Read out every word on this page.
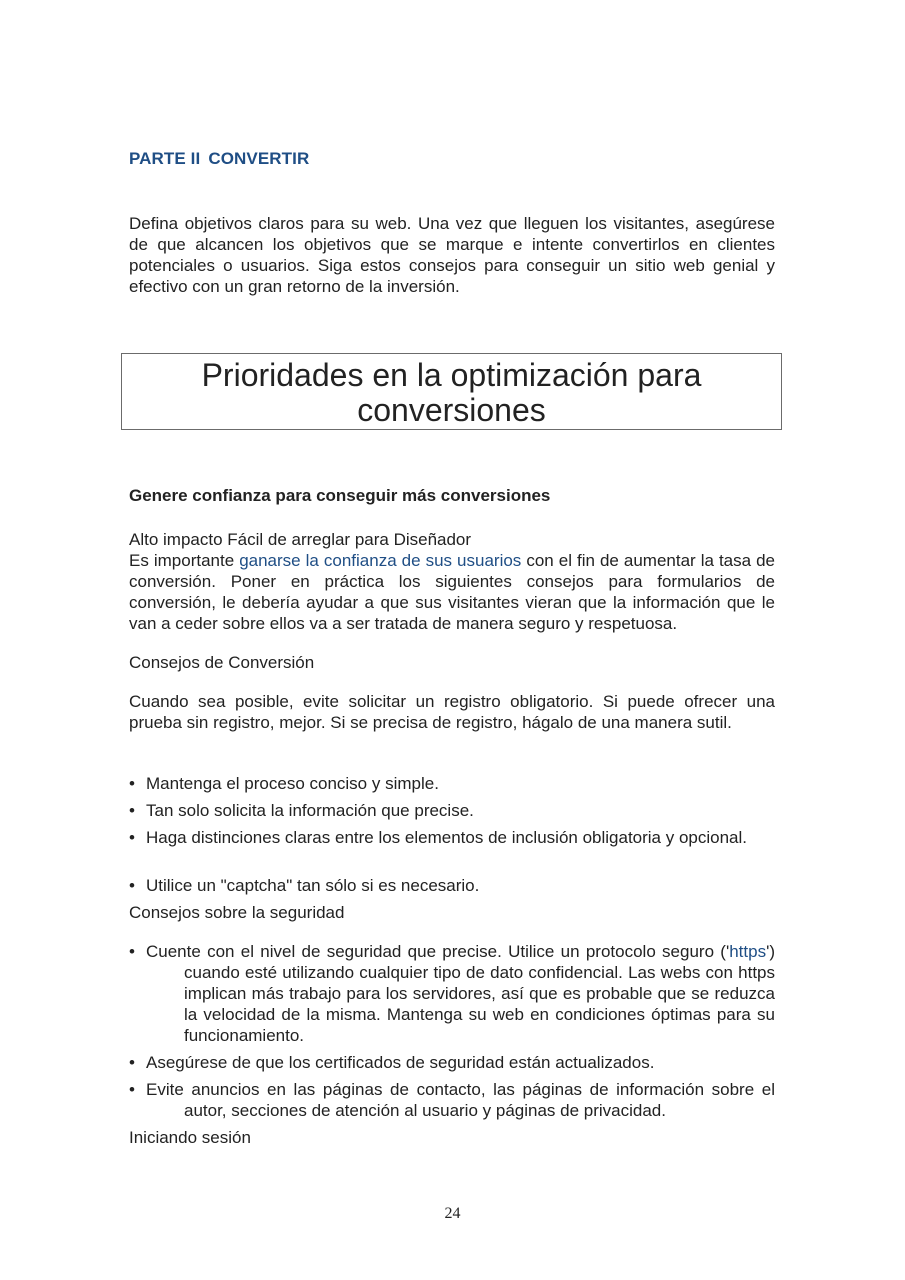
PARTE II CONVERTIR

Defina objetivos claros para su web. Una vez que lleguen los visitantes, asegúrese de que alcancen los objetivos que se marque e intente convertirlos en clientes potenciales o usuarios. Siga estos consejos para conseguir un sitio web genial y efectivo con un gran retorno de la inversión.

Prioridades en la optimización para conversiones
Genere confianza para conseguir más conversiones

Alto impacto Fácil de arreglar para Diseñador

Es importante ganarse la confianza de sus usuarios con el fin de aumentar la tasa de conversión. Poner en práctica los siguientes consejos para formularios de conversión, le debería ayudar a que sus visitantes vieran que la información que le van a ceder sobre ellos va a ser tratada de manera seguro y respetuosa.

Consejos de Conversión

Cuando sea posible, evite solicitar un registro obligatorio. Si puede ofrecer una prueba sin registro, mejor. Si se precisa de registro, hágalo de una manera sutil.

• Mantenga el proceso conciso y simple.
• Tan solo solicita la información que precise.
• Haga distinciones claras entre los elementos de inclusión obligatoria y opcional.
• Utilice un "captcha" tan sólo si es necesario.

Consejos sobre la seguridad

• Cuente con el nivel de seguridad que precise. Utilice un protocolo seguro ('https') cuando esté utilizando cualquier tipo de dato confidencial. Las webs con https implican más trabajo para los servidores, así que es probable que se reduzca la velocidad de la misma. Mantenga su web en condiciones óptimas para su funcionamiento.
• Asegúrese de que los certificados de seguridad están actualizados.
• Evite anuncios en las páginas de contacto, las páginas de información sobre el autor, secciones de atención al usuario y páginas de privacidad.

Iniciando sesión

24
